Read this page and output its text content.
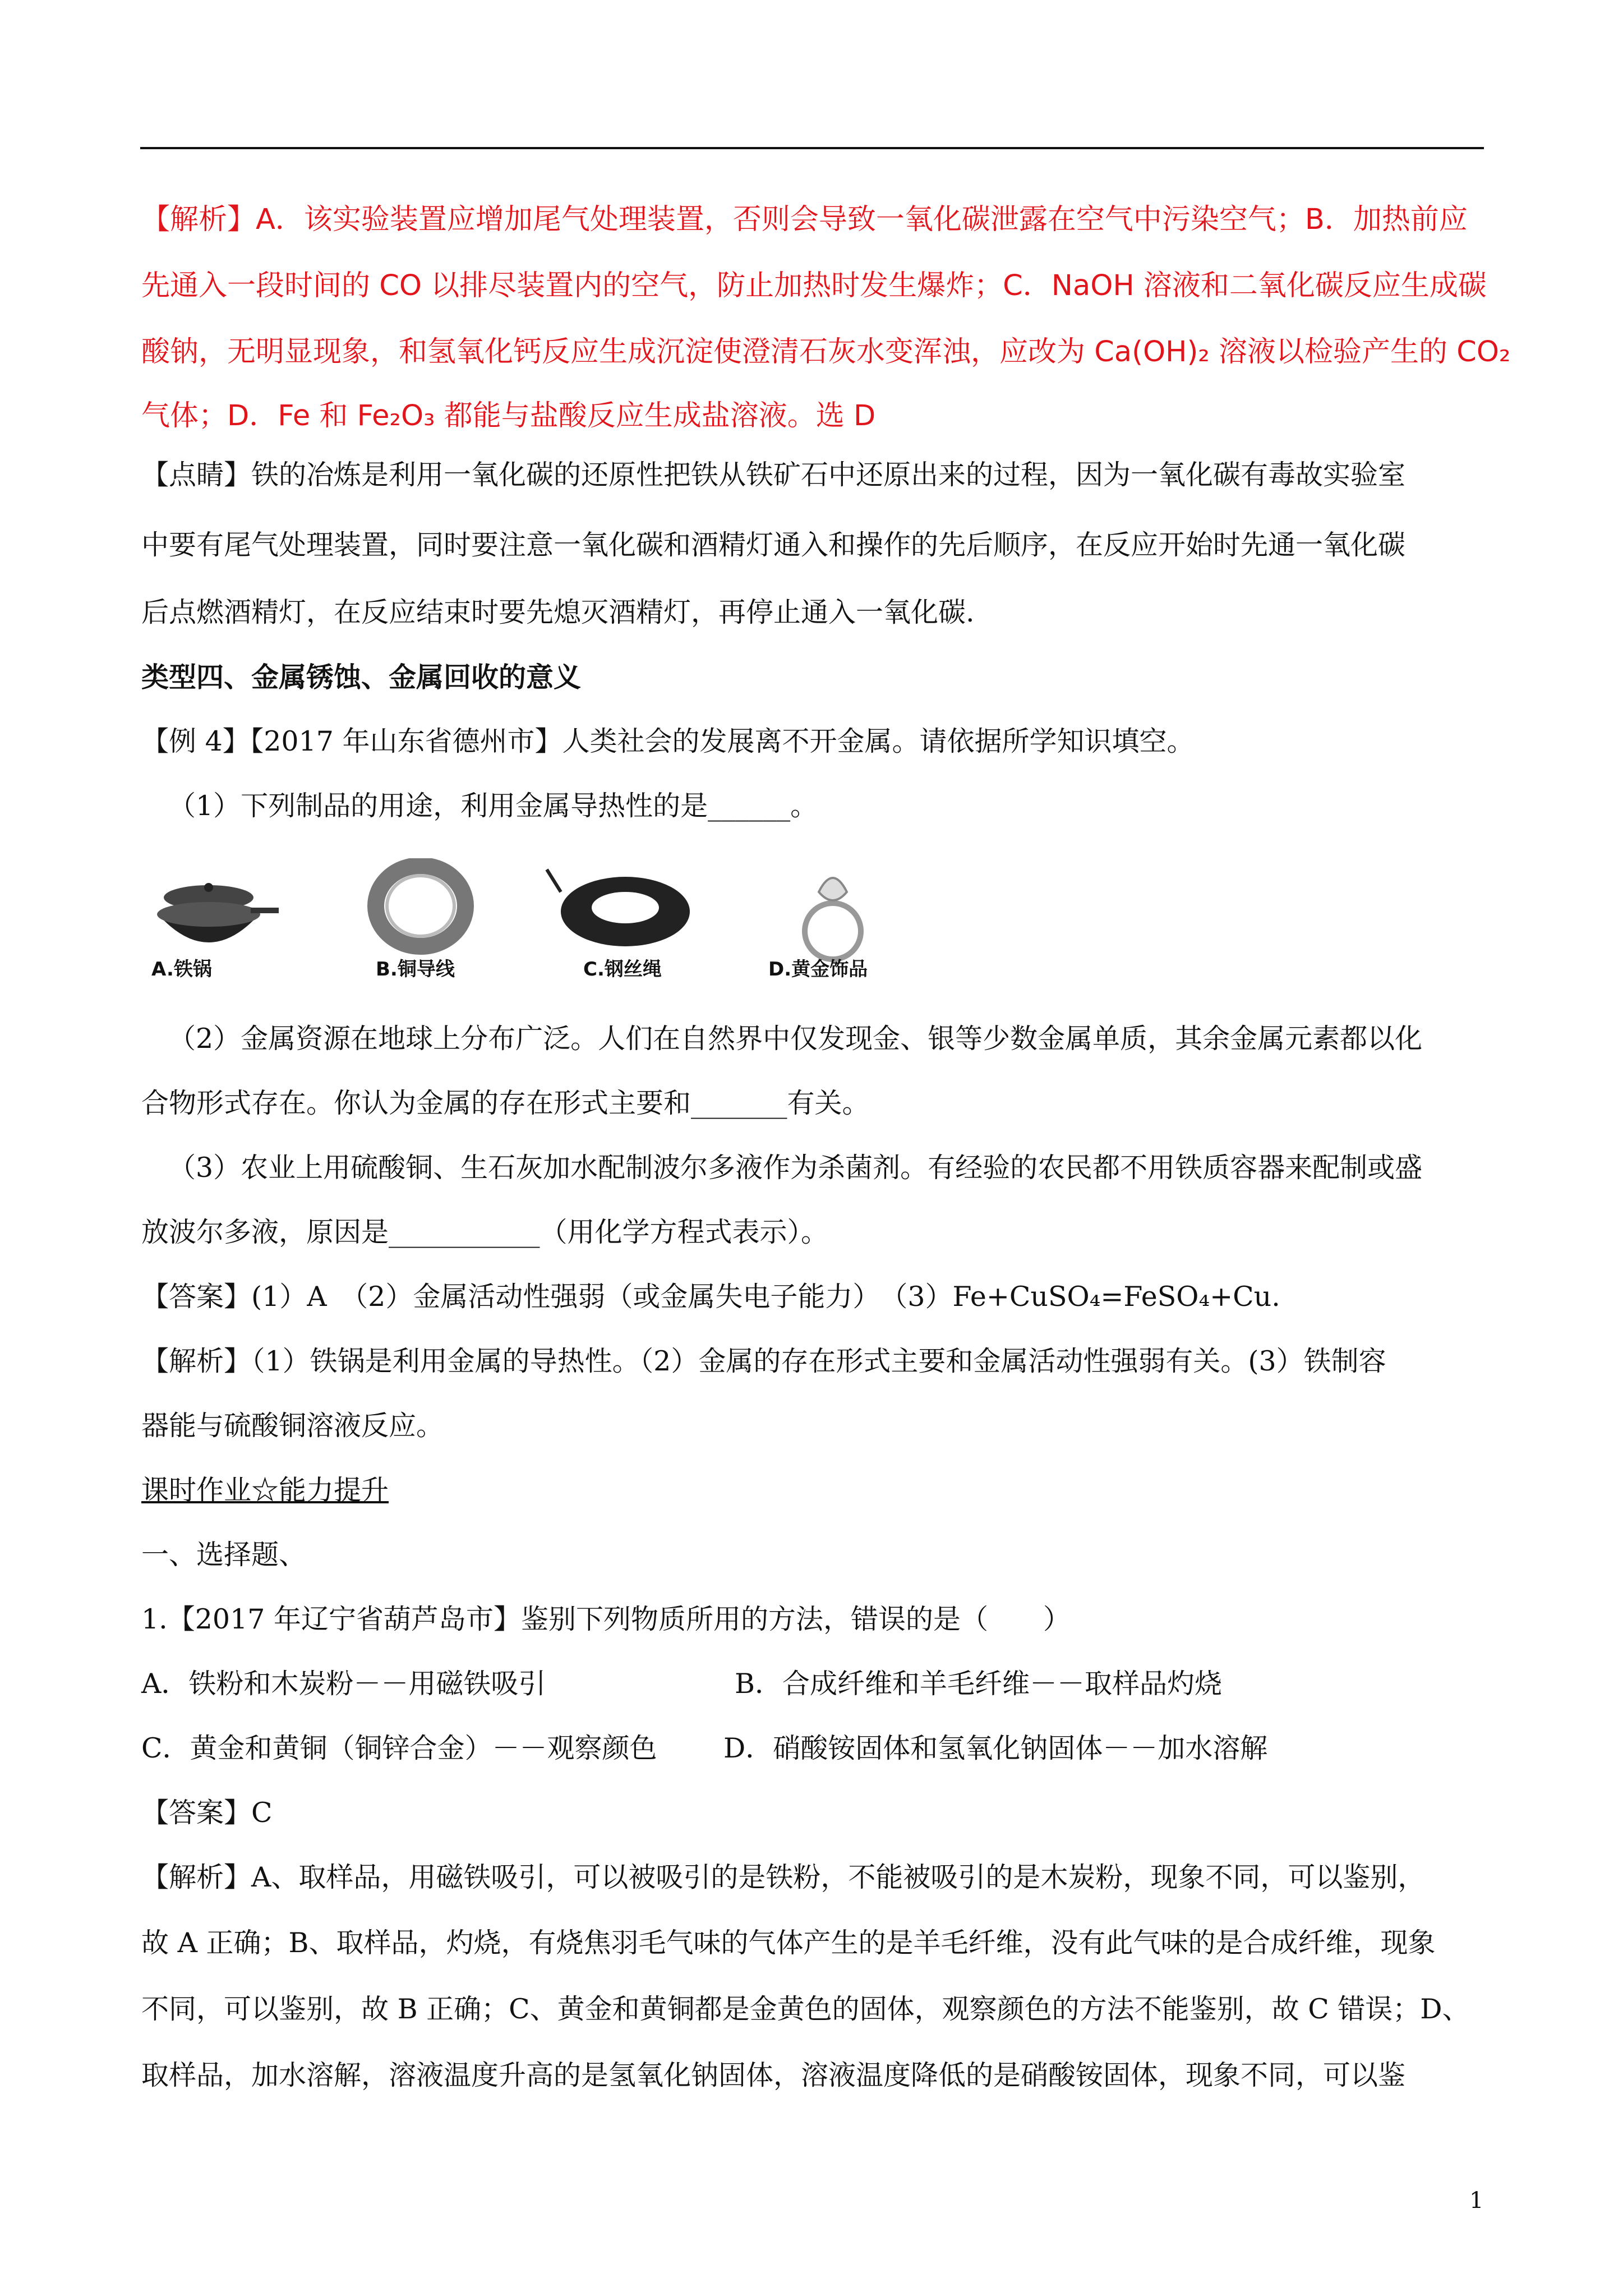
【解析】A．该实验装置应增加尾气处理装置，否则会导致一氧化碳泄露在空气中污染空气；B．加热前应
先通入一段时间的 CO 以排尽装置内的空气，防止加热时发生爆炸；C．NaOH 溶液和二氧化碳反应生成碳
酸钠，无明显现象，和氢氧化钙反应生成沉淀使澄清石灰水变浑浊，应改为 Ca(OH)₂ 溶液以检验产生的 CO₂
气体；D．Fe 和 Fe₂O₃ 都能与盐酸反应生成盐溶液。选 D
【点睛】铁的冶炼是利用一氧化碳的还原性把铁从铁矿石中还原出来的过程，因为一氧化碳有毒故实验室
中要有尾气处理装置，同时要注意一氧化碳和酒精灯通入和操作的先后顺序，在反应开始时先通一氧化碳
后点燃酒精灯，在反应结束时要先熄灭酒精灯，再停止通入一氧化碳.
类型四、金属锈蚀、金属回收的意义
【例 4】【2017 年山东省德州市】人类社会的发展离不开金属。请依据所学知识填空。
（1）下列制品的用途，利用金属导热性的是______。
A.铁锅	B.铜导线	C.钢丝绳	D.黄金饰品
（2）金属资源在地球上分布广泛。人们在自然界中仅发现金、银等少数金属单质，其余金属元素都以化
合物形式存在。你认为金属的存在形式主要和_______有关。
（3）农业上用硫酸铜、生石灰加水配制波尔多液作为杀菌剂。有经验的农民都不用铁质容器来配制或盛
放波尔多液，原因是___________（用化学方程式表示）。
【答案】(1）A　（2）金属活动性强弱（或金属失电子能力）　（3）Fe+CuSO₄=FeSO₄+Cu.
【解析】（1）铁锅是利用金属的导热性。（2）金属的存在形式主要和金属活动性强弱有关。(3）铁制容
器能与硫酸铜溶液反应。
课时作业☆能力提升
一、选择题、
1.【2017 年辽宁省葫芦岛市】鉴别下列物质所用的方法，错误的是（　　）
A．铁粉和木炭粉－－用磁铁吸引	B．合成纤维和羊毛纤维－－取样品灼烧
C．黄金和黄铜（铜锌合金）－－观察颜色 D．硝酸铵固体和氢氧化钠固体－－加水溶解
【答案】C
【解析】A、取样品，用磁铁吸引，可以被吸引的是铁粉，不能被吸引的是木炭粉，现象不同，可以鉴别，
故 A 正确；B、取样品，灼烧，有烧焦羽毛气味的气体产生的是羊毛纤维，没有此气味的是合成纤维，现象
不同，可以鉴别，故 B 正确；C、黄金和黄铜都是金黄色的固体，观察颜色的方法不能鉴别，故 C 错误；D、
取样品，加水溶解，溶液温度升高的是氢氧化钠固体，溶液温度降低的是硝酸铵固体，现象不同，可以鉴
1
